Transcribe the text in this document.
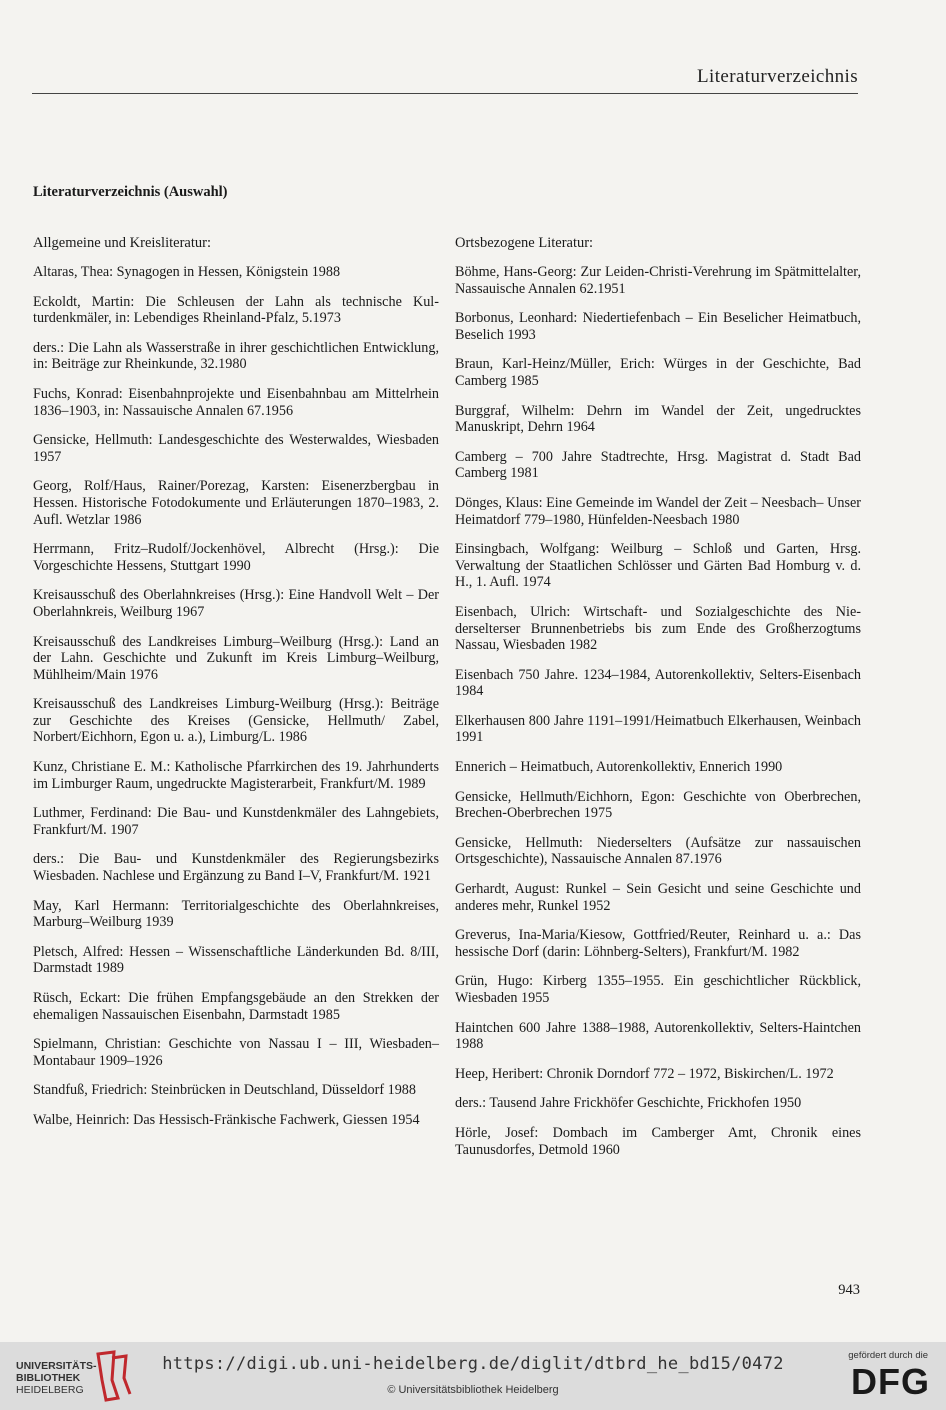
Literaturverzeichnis
Literaturverzeichnis (Auswahl)

Allgemeine und Kreisliteratur:

Altaras, Thea: Synagogen in Hessen, Königstein 1988

Eckoldt, Martin: Die Schleusen der Lahn als technische Kulturdenkmäler, in: Lebendiges Rheinland-Pfalz, 5.1973

ders.: Die Lahn als Wasserstraße in ihrer geschichtlichen Entwicklung, in: Beiträge zur Rheinkunde, 32.1980

Fuchs, Konrad: Eisenbahnprojekte und Eisenbahnbau am Mittelrhein 1836–1903, in: Nassauische Annalen 67.1956

Gensicke, Hellmuth: Landesgeschichte des Westerwaldes, Wiesbaden 1957

Georg, Rolf/Haus, Rainer/Porezag, Karsten: Eisenerzbergbau in Hessen. Historische Fotodokumente und Erläuterungen 1870–1983, 2. Aufl. Wetzlar 1986

Herrmann, Fritz–Rudolf/Jockenhövel, Albrecht (Hrsg.): Die Vorgeschichte Hessens, Stuttgart 1990

Kreisausschuß des Oberlahnkreises (Hrsg.): Eine Handvoll Welt – Der Oberlahnkreis, Weilburg 1967

Kreisausschuß des Landkreises Limburg–Weilburg (Hrsg.): Land an der Lahn. Geschichte und Zukunft im Kreis Limburg–Weilburg, Mühlheim/Main 1976

Kreisausschuß des Landkreises Limburg-Weilburg (Hrsg.): Beiträge zur Geschichte des Kreises (Gensicke, Hellmuth/ Zabel, Norbert/Eichhorn, Egon u. a.), Limburg/L. 1986

Kunz, Christiane E. M.: Katholische Pfarrkirchen des 19. Jahrhunderts im Limburger Raum, ungedruckte Magisterarbeit, Frankfurt/M. 1989

Luthmer, Ferdinand: Die Bau- und Kunstdenkmäler des Lahngebiets, Frankfurt/M. 1907

ders.: Die Bau- und Kunstdenkmäler des Regierungsbezirks Wiesbaden. Nachlese und Ergänzung zu Band I–V, Frankfurt/M. 1921

May, Karl Hermann: Territorialgeschichte des Oberlahnkreises, Marburg–Weilburg 1939

Pletsch, Alfred: Hessen – Wissenschaftliche Länderkunden Bd. 8/III, Darmstadt 1989

Rüsch, Eckart: Die frühen Empfangsgebäude an den Strekken der ehemaligen Nassauischen Eisenbahn, Darmstadt 1985

Spielmann, Christian: Geschichte von Nassau I – III, Wiesbaden–Montabaur 1909–1926

Standfuß, Friedrich: Steinbrücken in Deutschland, Düsseldorf 1988

Walbe, Heinrich: Das Hessisch-Fränkische Fachwerk, Giessen 1954

Ortsbezogene Literatur:

Böhme, Hans-Georg: Zur Leiden-Christi-Verehrung im Spätmittelalter, Nassauische Annalen 62.1951

Borbonus, Leonhard: Niedertiefenbach – Ein Beselicher Heimatbuch, Beselich 1993

Braun, Karl-Heinz/Müller, Erich: Würges in der Geschichte, Bad Camberg 1985

Burggraf, Wilhelm: Dehrn im Wandel der Zeit, ungedrucktes Manuskript, Dehrn 1964

Camberg – 700 Jahre Stadtrechte, Hrsg. Magistrat d. Stadt Bad Camberg 1981

Dönges, Klaus: Eine Gemeinde im Wandel der Zeit – Neesbach– Unser Heimatdorf 779–1980, Hünfelden-Neesbach 1980

Einsingbach, Wolfgang: Weilburg – Schloß und Garten, Hrsg. Verwaltung der Staatlichen Schlösser und Gärten Bad Homburg v. d. H., 1. Aufl. 1974

Eisenbach, Ulrich: Wirtschaft- und Sozialgeschichte des Niederselterser Brunnenbetriebs bis zum Ende des Großherzogtums Nassau, Wiesbaden 1982

Eisenbach 750 Jahre. 1234–1984, Autorenkollektiv, Selters-Eisenbach 1984

Elkerhausen 800 Jahre 1191–1991/Heimatbuch Elkerhausen, Weinbach 1991

Ennerich – Heimatbuch, Autorenkollektiv, Ennerich 1990

Gensicke, Hellmuth/Eichhorn, Egon: Geschichte von Oberbrechen, Brechen-Oberbrechen 1975

Gensicke, Hellmuth: Niederselters (Aufsätze zur nassauischen Ortsgeschichte), Nassauische Annalen 87.1976

Gerhardt, August: Runkel – Sein Gesicht und seine Geschichte und anderes mehr, Runkel 1952

Greverus, Ina-Maria/Kiesow, Gottfried/Reuter, Reinhard u. a.: Das hessische Dorf (darin: Löhnberg-Selters), Frankfurt/M. 1982

Grün, Hugo: Kirberg 1355–1955. Ein geschichtlicher Rückblick, Wiesbaden 1955

Haintchen 600 Jahre 1388–1988, Autorenkollektiv, Selters-Haintchen 1988

Heep, Heribert: Chronik Dorndorf 772 – 1972, Biskirchen/L. 1972

ders.: Tausend Jahre Frickhöfer Geschichte, Frickhofen 1950

Hörle, Josef: Dombach im Camberger Amt, Chronik eines Taunusdorfes, Detmold 1960

943
UNIVERSITÄTS-
BIBLIOTHEK
HEIDELBERG
https://digi.ub.uni-heidelberg.de/diglit/dtbrd_he_bd15/0472
© Universitätsbibliothek Heidelberg
gefördert durch die
DFG
